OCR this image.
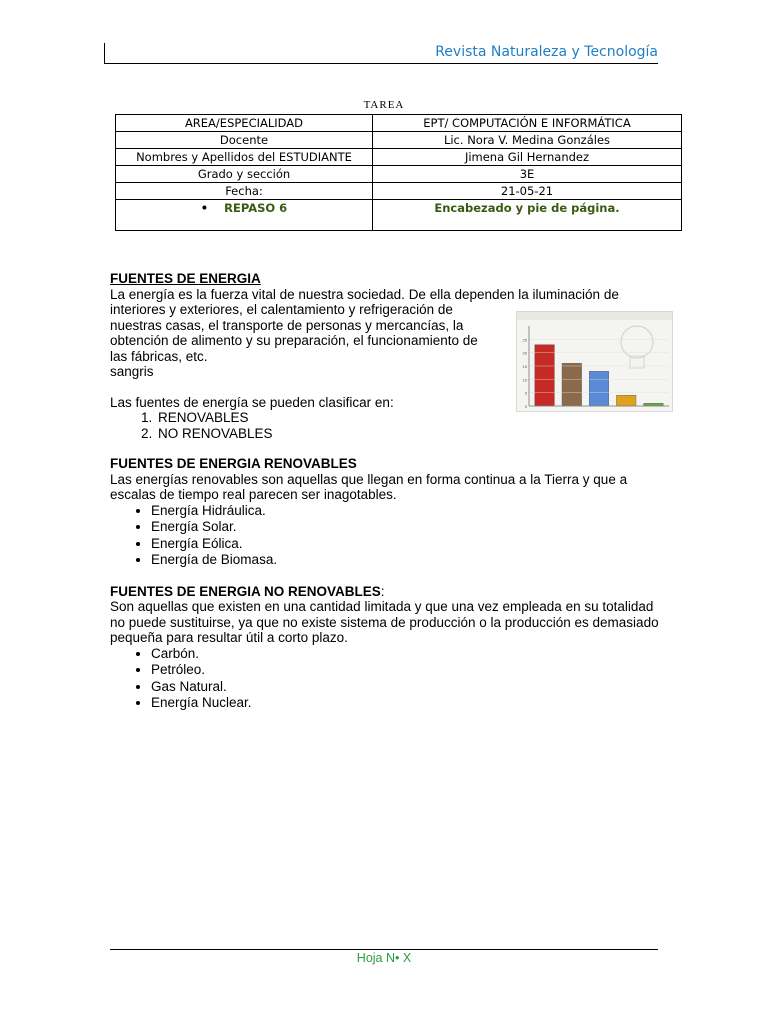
Revista Naturaleza y Tecnología
TAREA
AREA/ESPECIALIDAD	EPT/ COMPUTACIÓN E INFORMÁTICA
Docente	Lic. Nora V. Medina Gonzáles
Nombres y Apellidos del ESTUDIANTE	Jimena Gil Hernandez
Grado y sección	3E
Fecha:	21-05-21
• REPASO 6	Encabezado y pie de página.
0
5
10
15
20
25

FUENTES DE ENERGIA

La energía es la fuerza vital de nuestra sociedad. De ella dependen la iluminación de

interiores y exteriores, el calentamiento y refrigeración de

nuestras casas, el transporte de personas y mercancías, la

obtención de alimento y su preparación, el funcionamiento de

las fábricas, etc.

sangris

Las fuentes de energía se pueden clasificar en:

1. RENOVABLES
2. NO RENOVABLES

FUENTES DE ENERGIA RENOVABLES

Las energías renovables son aquellas que llegan en forma continua a la Tierra y que a escalas de tiempo real parecen ser inagotables.

• Energía Hidráulica.
• Energía Solar.
• Energía Eólica.
• Energía de Biomasa.

FUENTES DE ENERGIA NO RENOVABLES:

Son aquellas que existen en una cantidad limitada y que una vez empleada en su totalidad no puede sustituirse, ya que no existe sistema de producción o la producción es demasiado pequeña para resultar útil a corto plazo.

• Carbón.
• Petróleo.
• Gas Natural.
• Energía Nuclear.
Hoja N• X
